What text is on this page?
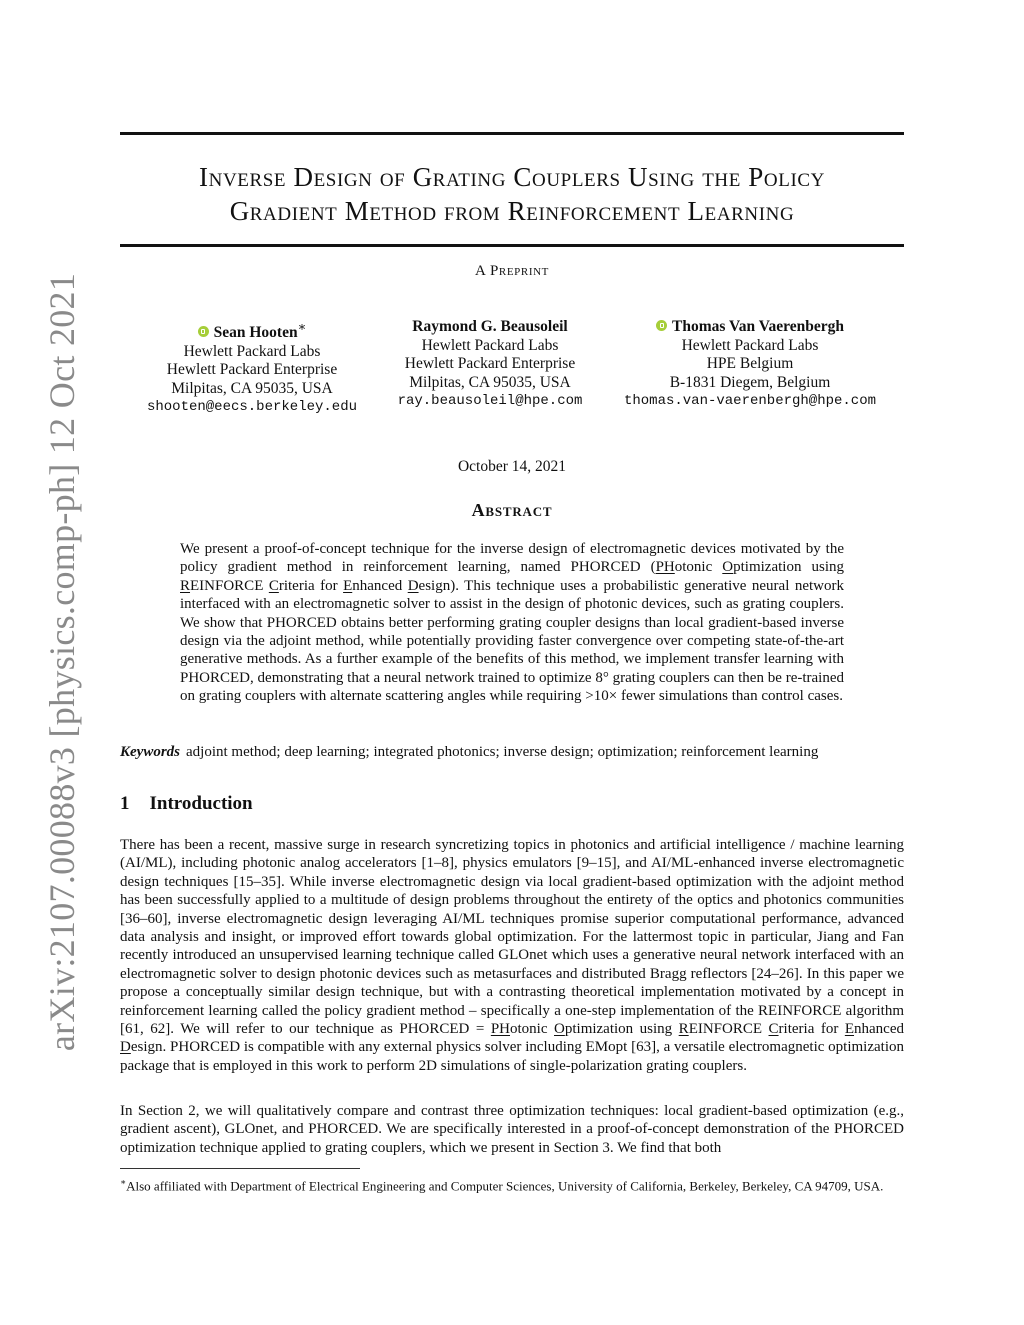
arXiv:2107.00088v3 [physics.comp-ph] 12 Oct 2021
Inverse Design of Grating Couplers Using the Policy
Gradient Method from Reinforcement Learning
A Preprint
Sean Hooten∗
Hewlett Packard Labs
Hewlett Packard Enterprise
Milpitas, CA 95035, USA
shooten@eecs.berkeley.edu
Raymond G. Beausoleil
Hewlett Packard Labs
Hewlett Packard Enterprise
Milpitas, CA 95035, USA
ray.beausoleil@hpe.com
Thomas Van Vaerenbergh
Hewlett Packard Labs
HPE Belgium
B-1831 Diegem, Belgium
thomas.van-vaerenbergh@hpe.com
October 14, 2021
Abstract
We present a proof-of-concept technique for the inverse design of electromagnetic devices motivated by the policy gradient method in reinforcement learning, named PHORCED (PHotonic Optimization using REINFORCE Criteria for Enhanced Design). This technique uses a probabilistic generative neural network interfaced with an electromagnetic solver to assist in the design of photonic devices, such as grating couplers. We show that PHORCED obtains better performing grating coupler designs than local gradient-based inverse design via the adjoint method, while potentially providing faster convergence over competing state-of-the-art generative methods. As a further example of the benefits of this method, we implement transfer learning with PHORCED, demonstrating that a neural network trained to optimize 8° grating couplers can then be re-trained on grating couplers with alternate scattering angles while requiring >10× fewer simulations than control cases.
Keywords adjoint method; deep learning; integrated photonics; inverse design; optimization; reinforcement learning
1 Introduction
There has been a recent, massive surge in research syncretizing topics in photonics and artificial intelligence / machine learning (AI/ML), including photonic analog accelerators [1–8], physics emulators [9–15], and AI/ML-enhanced inverse electromagnetic design techniques [15–35]. While inverse electromagnetic design via local gradient-based optimization with the adjoint method has been successfully applied to a multitude of design problems throughout the entirety of the optics and photonics communities [36–60], inverse electromagnetic design leveraging AI/ML techniques promise superior computational performance, advanced data analysis and insight, or improved effort towards global optimization. For the lattermost topic in particular, Jiang and Fan recently introduced an unsupervised learning technique called GLOnet which uses a generative neural network interfaced with an electromagnetic solver to design photonic devices such as metasurfaces and distributed Bragg reflectors [24–26]. In this paper we propose a conceptually similar design technique, but with a contrasting theoretical implementation motivated by a concept in reinforcement learning called the policy gradient method – specifically a one-step implementation of the REINFORCE algorithm [61, 62]. We will refer to our technique as PHORCED = PHotonic Optimization using REINFORCE Criteria for Enhanced Design. PHORCED is compatible with any external physics solver including EMopt [63], a versatile electromagnetic optimization package that is employed in this work to perform 2D simulations of single-polarization grating couplers.
In Section 2, we will qualitatively compare and contrast three optimization techniques: local gradient-based optimization (e.g., gradient ascent), GLOnet, and PHORCED. We are specifically interested in a proof-of-concept demonstration of the PHORCED optimization technique applied to grating couplers, which we present in Section 3. We find that both
∗Also affiliated with Department of Electrical Engineering and Computer Sciences, University of California, Berkeley, Berkeley, CA 94709, USA.
